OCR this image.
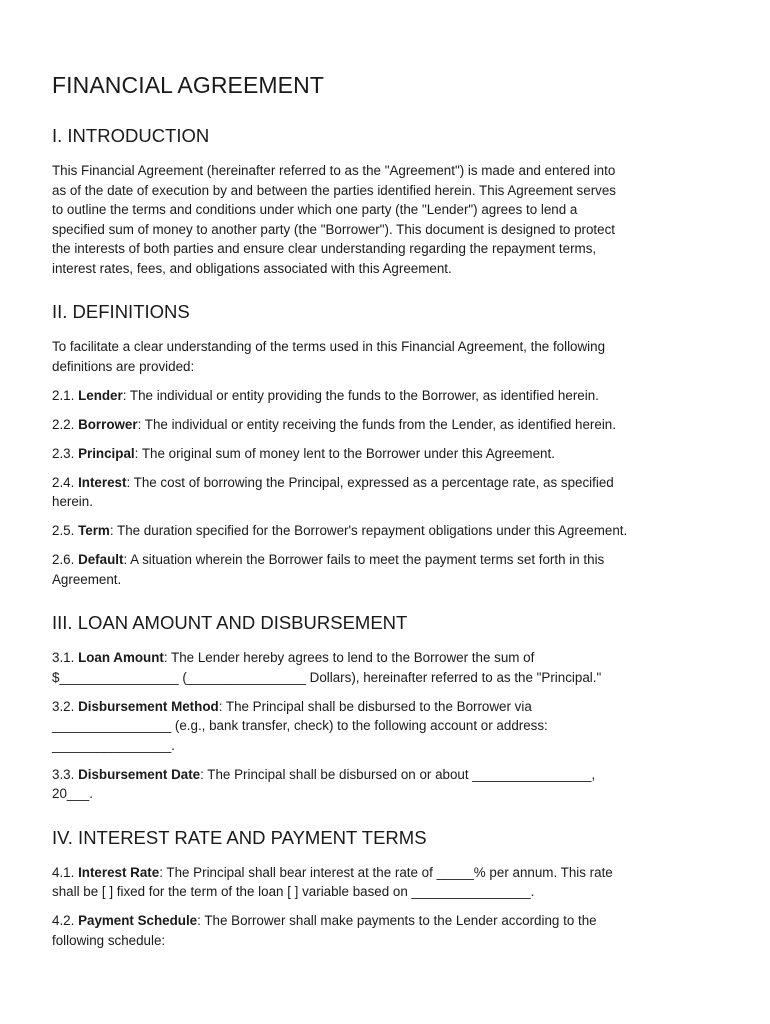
FINANCIAL AGREEMENT
I. INTRODUCTION

This Financial Agreement (hereinafter referred to as the "Agreement") is made and entered into
as of the date of execution by and between the parties identified herein. This Agreement serves
to outline the terms and conditions under which one party (the "Lender") agrees to lend a
specified sum of money to another party (the "Borrower"). This document is designed to protect
the interests of both parties and ensure clear understanding regarding the repayment terms,
interest rates, fees, and obligations associated with this Agreement.

II. DEFINITIONS

To facilitate a clear understanding of the terms used in this Financial Agreement, the following
definitions are provided:

2.1. Lender: The individual or entity providing the funds to the Borrower, as identified herein.

2.2. Borrower: The individual or entity receiving the funds from the Lender, as identified herein.

2.3. Principal: The original sum of money lent to the Borrower under this Agreement.

2.4. Interest: The cost of borrowing the Principal, expressed as a percentage rate, as specified
herein.

2.5. Term: The duration specified for the Borrower's repayment obligations under this Agreement.

2.6. Default: A situation wherein the Borrower fails to meet the payment terms set forth in this
Agreement.

III. LOAN AMOUNT AND DISBURSEMENT

3.1. Loan Amount: The Lender hereby agrees to lend to the Borrower the sum of
$________________ (________________ Dollars), hereinafter referred to as the "Principal."

3.2. Disbursement Method: The Principal shall be disbursed to the Borrower via
________________ (e.g., bank transfer, check) to the following account or address:
________________.

3.3. Disbursement Date: The Principal shall be disbursed on or about ________________,
20___.

IV. INTEREST RATE AND PAYMENT TERMS

4.1. Interest Rate: The Principal shall bear interest at the rate of _____% per annum. This rate
shall be [ ] fixed for the term of the loan [ ] variable based on ________________.

4.2. Payment Schedule: The Borrower shall make payments to the Lender according to the
following schedule:
